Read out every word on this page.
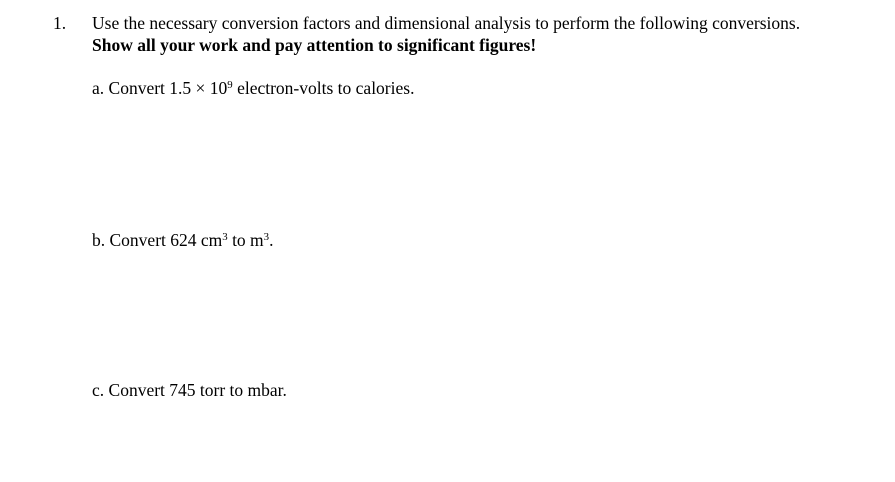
1. Use the necessary conversion factors and dimensional analysis to perform the following conversions.
Show all your work and pay attention to significant figures!
a. Convert $1.5 \times 10^9$ electron-volts to calories.
b. Convert 624 $cm^3$ to $m^3$.
c. Convert 745 torr to mbar.
